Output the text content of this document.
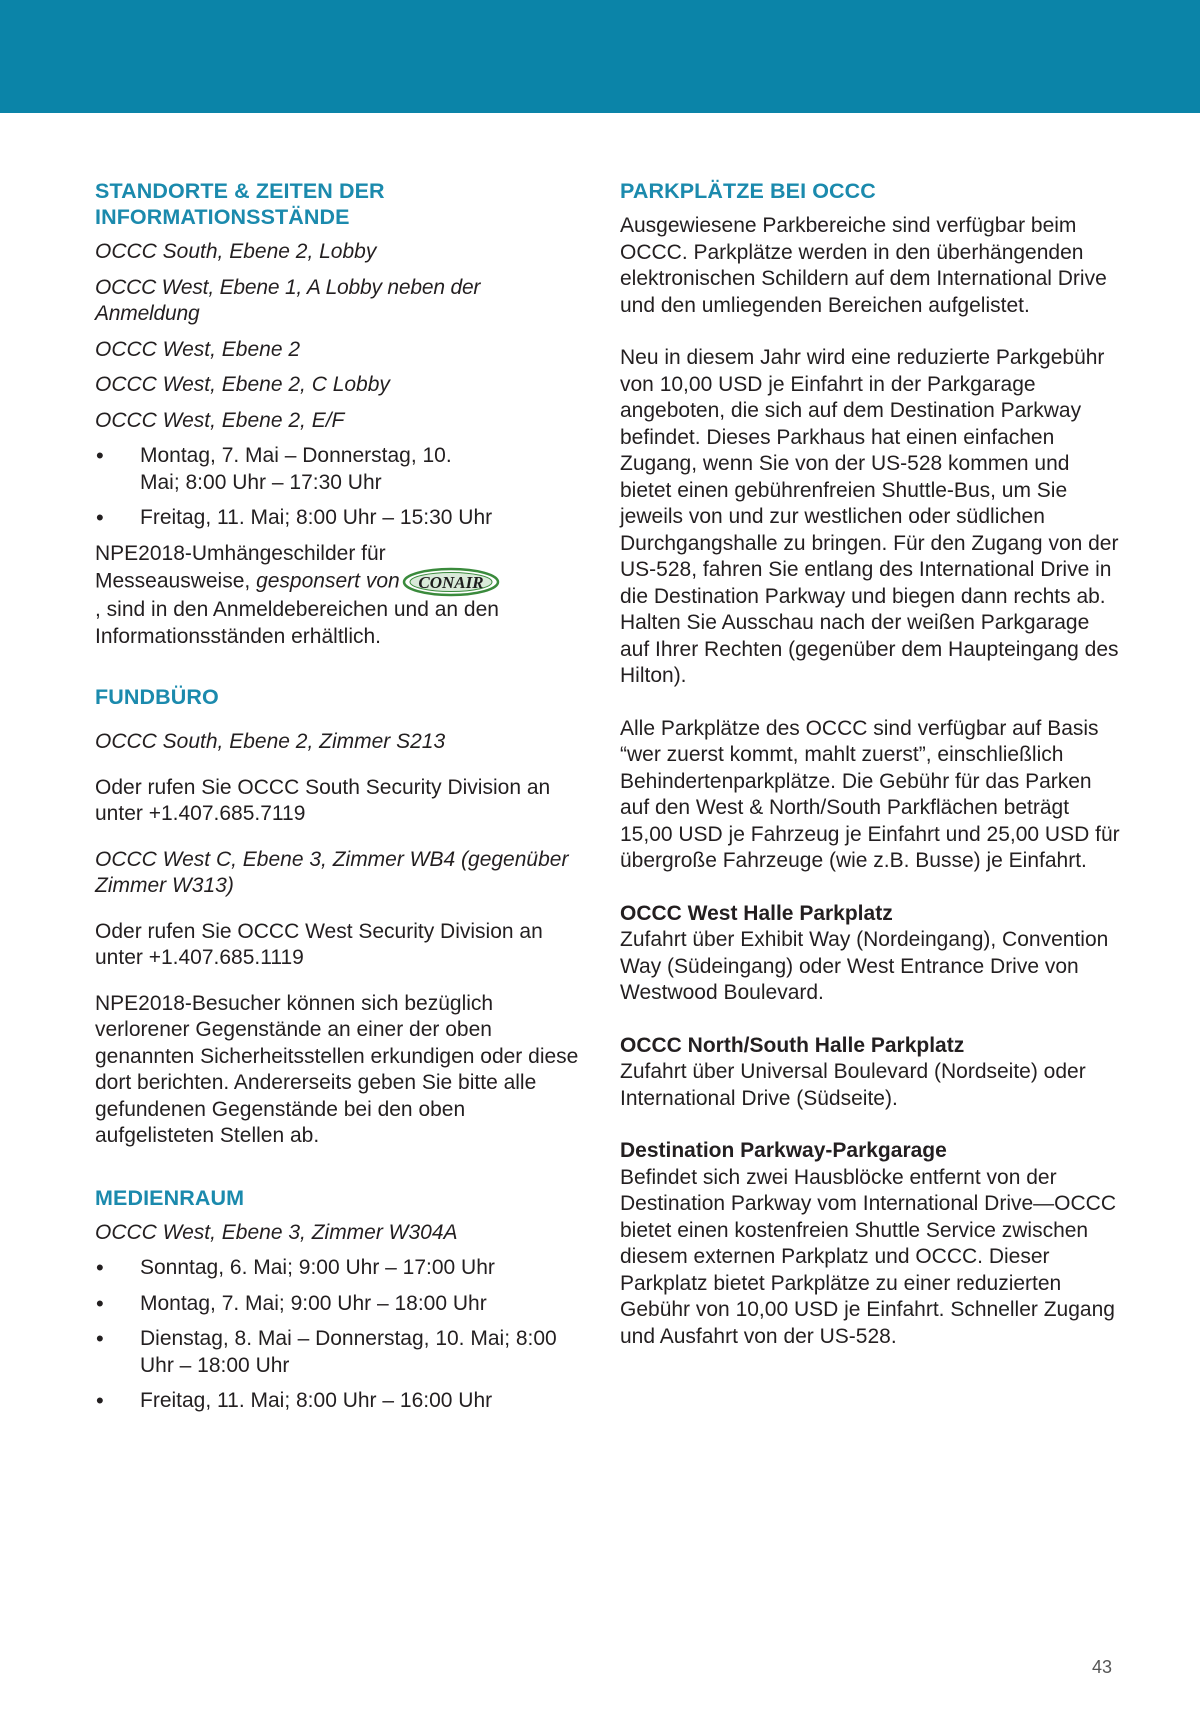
STANDORTE & ZEITEN DER
INFORMATIONSSTÄNDE

OCCC South, Ebene 2, Lobby

OCCC West, Ebene 1, A Lobby neben der Anmeldung

OCCC West, Ebene 2

OCCC West, Ebene 2, C Lobby

OCCC West, Ebene 2, E/F

• Montag, 7. Mai – Donnerstag, 10. Mai; 8:00 Uhr – 17:30 Uhr
• Freitag, 11. Mai; 8:00 Uhr – 15:30 Uhr

NPE2018-Umhängeschilder für
Messeausweise, gesponsert von CONAIR

, sind in den Anmeldebereichen und an den Informationsständen erhältlich.

FUNDBÜRO

OCCC South, Ebene 2, Zimmer S213

Oder rufen Sie OCCC South Security Division an unter +1.407.685.7119

OCCC West C, Ebene 3, Zimmer WB4 (gegenüber Zimmer W313)

Oder rufen Sie OCCC West Security Division an unter +1.407.685.1119

NPE2018-Besucher können sich bezüglich verlorener Gegenstände an einer der oben genannten Sicherheitsstellen erkundigen oder diese dort berichten. Andererseits geben Sie bitte alle gefundenen Gegenstände bei den oben aufgelisteten Stellen ab.

MEDIENRAUM

OCCC West, Ebene 3, Zimmer W304A

• Sonntag, 6. Mai; 9:00 Uhr – 17:00 Uhr
• Montag, 7. Mai; 9:00 Uhr – 18:00 Uhr
• Dienstag, 8. Mai – Donnerstag, 10. Mai; 8:00 Uhr – 18:00 Uhr
• Freitag, 11. Mai; 8:00 Uhr – 16:00 Uhr
PARKPLÄTZE BEI OCCC

Ausgewiesene Parkbereiche sind verfügbar beim OCCC. Parkplätze werden in den überhängenden elektronischen Schildern auf dem International Drive und den umliegenden Bereichen aufgelistet.

Neu in diesem Jahr wird eine reduzierte Parkgebühr von 10,00 USD je Einfahrt in der Parkgarage angeboten, die sich auf dem Destination Parkway befindet. Dieses Parkhaus hat einen einfachen Zugang, wenn Sie von der US-528 kommen und bietet einen gebührenfreien Shuttle-Bus, um Sie jeweils von und zur westlichen oder südlichen Durchgangshalle zu bringen. Für den Zugang von der US-528, fahren Sie entlang des International Drive in die Destination Parkway und biegen dann rechts ab. Halten Sie Ausschau nach der weißen Parkgarage auf Ihrer Rechten (gegenüber dem Haupteingang des Hilton).

Alle Parkplätze des OCCC sind verfügbar auf Basis “wer zuerst kommt, mahlt zuerst”, einschließlich Behindertenparkplätze. Die Gebühr für das Parken auf den West & North/South Parkflächen beträgt 15,00 USD je Fahrzeug je Einfahrt und 25,00 USD für übergroße Fahrzeuge (wie z.B. Busse) je Einfahrt.

OCCC West Halle Parkplatz

Zufahrt über Exhibit Way (Nordeingang), Convention Way (Südeingang) oder West Entrance Drive von Westwood Boulevard.

OCCC North/South Halle Parkplatz

Zufahrt über Universal Boulevard (Nordseite) oder International Drive (Südseite).

Destination Parkway-Parkgarage

Befindet sich zwei Hausblöcke entfernt von der Destination Parkway vom International Drive—OCCC bietet einen kostenfreien Shuttle Service zwischen diesem externen Parkplatz und OCCC. Dieser Parkplatz bietet Parkplätze zu einer reduzierten Gebühr von 10,00 USD je Einfahrt. Schneller Zugang und Ausfahrt von der US-528.

43
